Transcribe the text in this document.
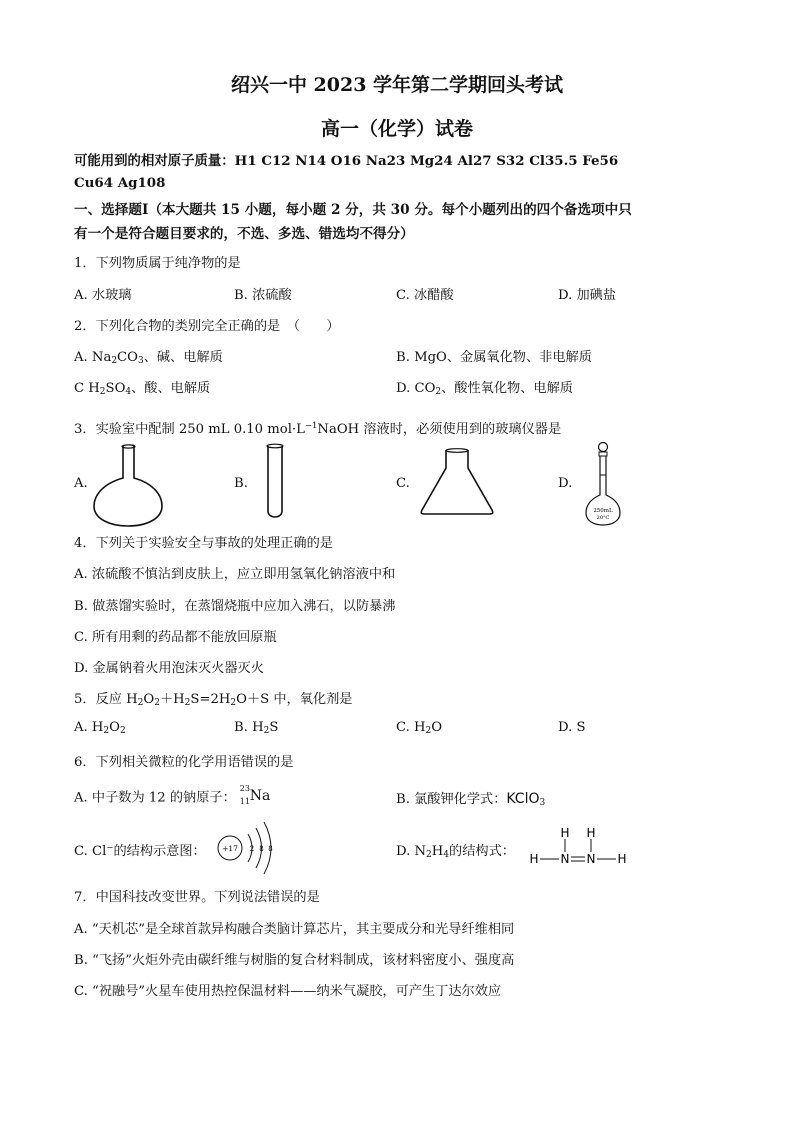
绍兴一中 2023 学年第二学期回头考试
高一（化学）试卷
可能用到的相对原子质量：H1 C12 N14 O16 Na23 Mg24 Al27 S32 Cl35.5 Fe56
Cu64 Ag108
一、选择题Ⅰ（本大题共 15 小题，每小题 2 分，共 30 分。每个小题列出的四个备选项中只
有一个是符合题目要求的，不选、多选、错选均不得分）
1．下列物质属于纯净物的是
A. 水玻璃	B. 浓硫酸	C. 冰醋酸	D. 加碘盐
2．下列化合物的类别完全正确的是　（　　）
A. $Na_2CO_3$、碱、电解质	B. MgO、金属氧化物、非电解质
C $H_2SO_4$、酸、电解质	D. $CO_2$、酸性氧化物、电解质
3．实验室中配制 250 mL 0.10 $mol\cdot L^{-1}NaOH$ 溶液时，必须使用到的玻璃仪器是
A.	B.	C.	D.
250mL
20°C
4．下列关于实验安全与事故的处理正确的是
A. 浓硫酸不慎沾到皮肤上，应立即用氢氧化钠溶液中和
B. 做蒸馏实验时，在蒸馏烧瓶中应加入沸石，以防暴沸
C. 所有用剩的药品都不能放回原瓶
D. 金属钠着火用泡沫灭火器灭火
5．反应 $H_2O_2+H_2S=2H_2O+S$ 中，氧化剂是
A. $H_2O_2$	B. $H_2S$	C. $H_2O$	D. S
6．下列相关微粒的化学用语错误的是
A. 中子数为 12 的钠原子：
23
11 Na	B. 氯酸钾化学式：KClO$_3$
C. Cl−的结构示意图： +17 2 8 8	D. $N_2H_4$的结构式：
H H
H N N H
7．中国科技改变世界。下列说法错误的是
A. “天机芯”是全球首款异构融合类脑计算芯片，其主要成分和光导纤维相同
B. “飞扬”火炬外壳由碳纤维与树脂的复合材料制成，该材料密度小、强度高
C. “祝融号”火星车使用热控保温材料——纳米气凝胶，可产生丁达尔效应
